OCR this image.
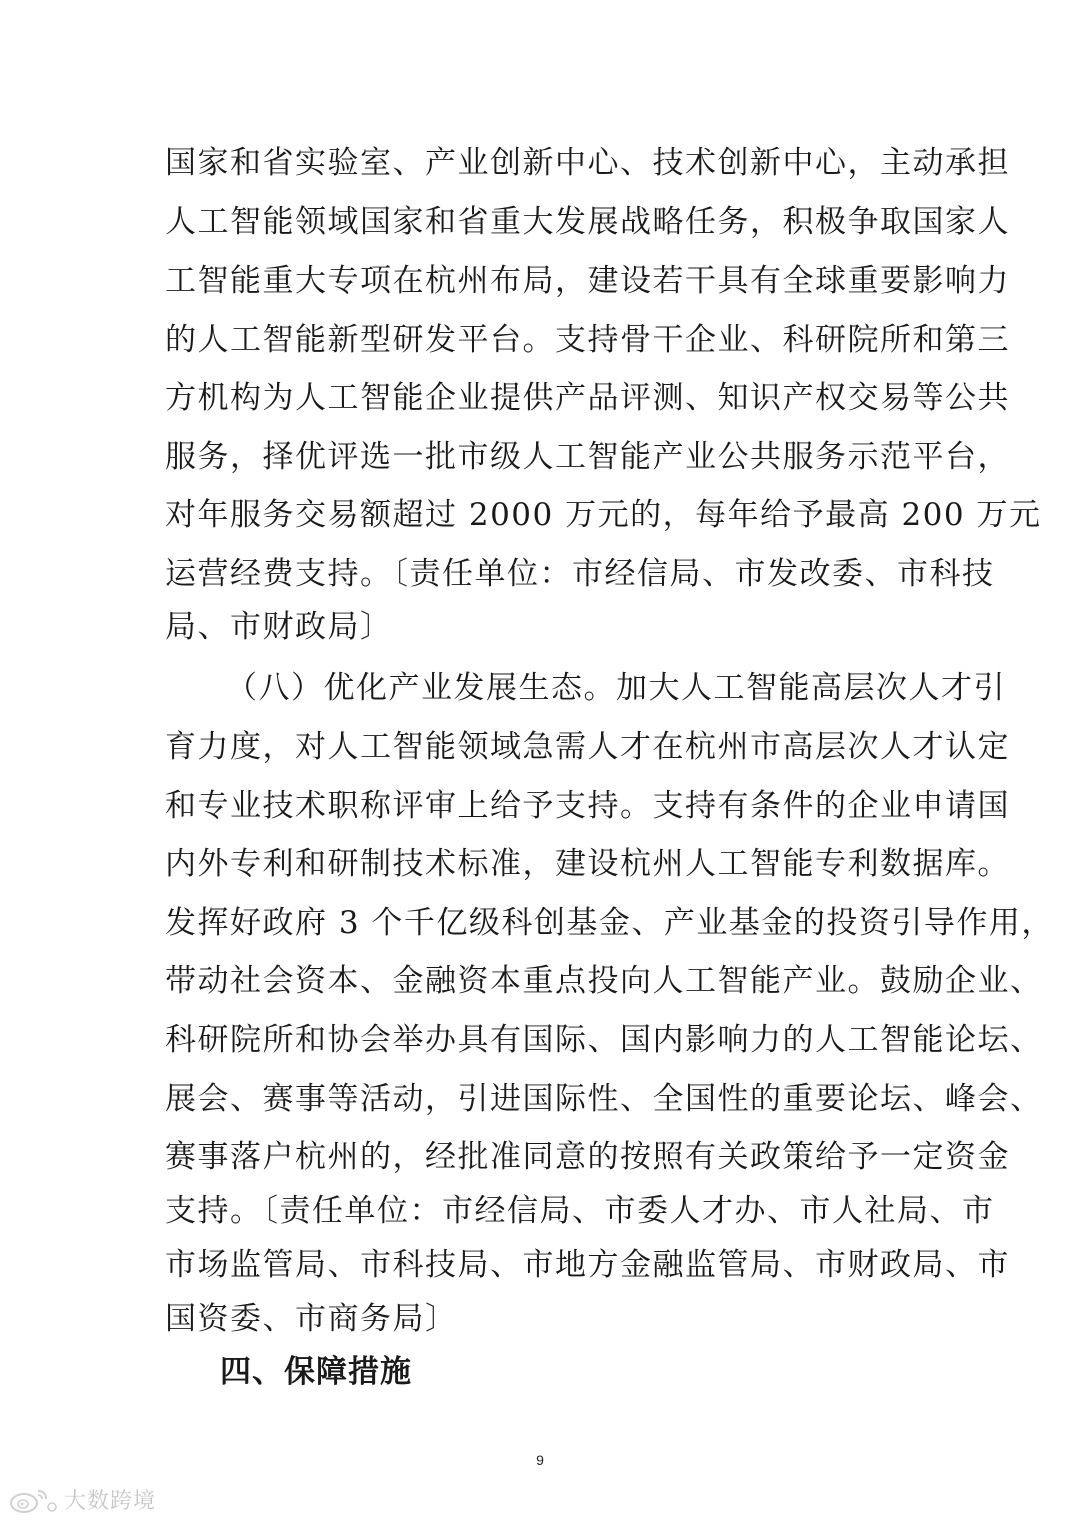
国家和省实验室、产业创新中心、技术创新中心，主动承担
人工智能领域国家和省重大发展战略任务，积极争取国家人
工智能重大专项在杭州布局，建设若干具有全球重要影响力
的人工智能新型研发平台。支持骨干企业、科研院所和第三
方机构为人工智能企业提供产品评测、知识产权交易等公共
服务，择优评选一批市级人工智能产业公共服务示范平台，
对年服务交易额超过 2000 万元的，每年给予最高 200 万元
运营经费支持。〔责任单位：市经信局、市发改委、市科技
局、市财政局〕
（八）优化产业发展生态。加大人工智能高层次人才引
育力度，对人工智能领域急需人才在杭州市高层次人才认定
和专业技术职称评审上给予支持。支持有条件的企业申请国
内外专利和研制技术标准，建设杭州人工智能专利数据库。
发挥好政府 3 个千亿级科创基金、产业基金的投资引导作用，
带动社会资本、金融资本重点投向人工智能产业。鼓励企业、
科研院所和协会举办具有国际、国内影响力的人工智能论坛、
展会、赛事等活动，引进国际性、全国性的重要论坛、峰会、
赛事落户杭州的，经批准同意的按照有关政策给予一定资金
支持。〔责任单位：市经信局、市委人才办、市人社局、市
市场监管局、市科技局、市地方金融监管局、市财政局、市
国资委、市商务局〕
四、保障措施
9
大数跨境
